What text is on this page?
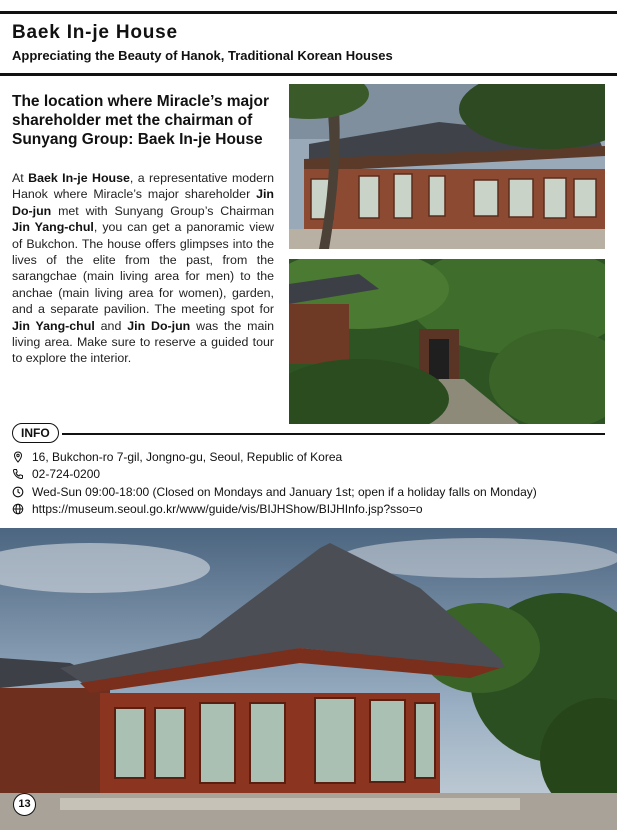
Baek In-je House
Appreciating the Beauty of Hanok, Traditional Korean Houses
The location where Miracle’s major shareholder met the chairman of Sunyang Group: Baek In-je House
At Baek In-je House, a representative modern Hanok where Miracle’s major shareholder Jin Do-jun met with Sunyang Group’s Chairman Jin Yang-chul, you can get a panoramic view of Bukchon. The house offers glimpses into the lives of the elite from the past, from the sarangchae (main living area for men) to the anchae (main living area for women), garden, and a separate pavilion. The meeting spot for Jin Yang-chul and Jin Do-jun was the main living area. Make sure to reserve a guided tour to explore the interior.
INFO
16, Bukchon-ro 7-gil, Jongno-gu, Seoul, Republic of Korea
02-724-0200
Wed-Sun 09:00-18:00 (Closed on Mondays and January 1st; open if a holiday falls on Monday)
https://museum.seoul.go.kr/www/guide/vis/BIJHShow/BIJHInfo.jsp?sso=o
13
